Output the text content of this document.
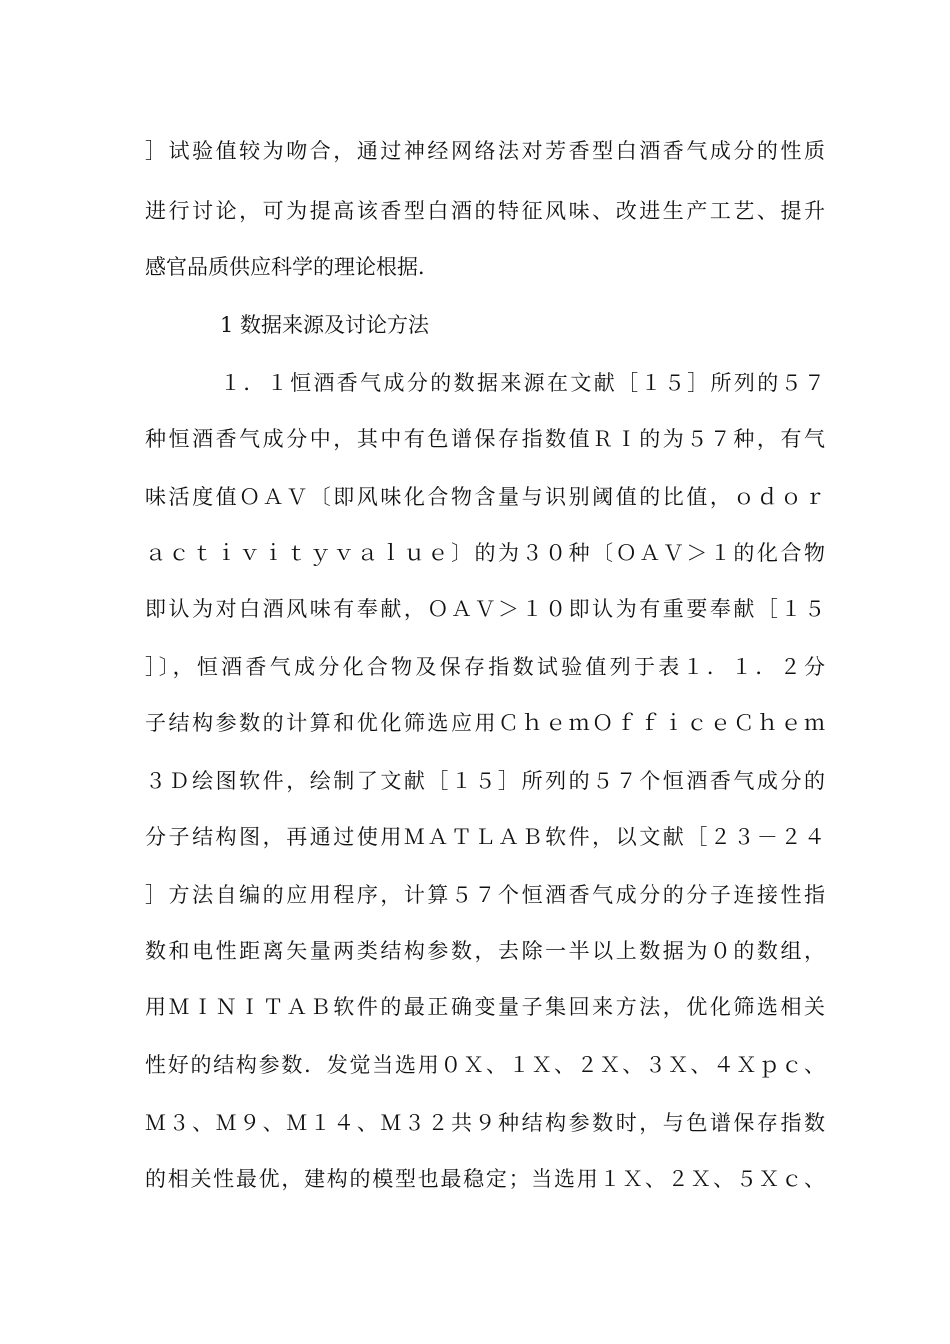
］试验值较为吻合，通过神经网络法对芳香型白酒香气成分的性质
进行讨论，可为提高该香型白酒的特征风味、改进生产工艺、提升
感官品质供应科学的理论根据．
1 数据来源及讨论方法
１．１恒酒香气成分的数据来源在文献［１５］所列的５７
种恒酒香气成分中，其中有色谱保存指数值ＲＩ的为５７种，有气
味活度值ＯＡＶ〔即风味化合物含量与识别阈值的比值，ｏｄｏｒ
ａｃｔｉｖｉｔｙｖａｌｕｅ〕的为３０种〔ＯＡＶ＞１的化合物
即认为对白酒风味有奉献，ＯＡＶ＞１０即认为有重要奉献［１５
］〕，恒酒香气成分化合物及保存指数试验值列于表１．１．２分
子结构参数的计算和优化筛选应用ＣｈｅｍＯｆｆｉｃｅＣｈｅｍ
３Ｄ绘图软件，绘制了文献［１５］所列的５７个恒酒香气成分的
分子结构图，再通过使用ＭＡＴＬＡＢ软件，以文献［２３－２４
］方法自编的应用程序，计算５７个恒酒香气成分的分子连接性指
数和电性距离矢量两类结构参数，去除一半以上数据为０的数组，
用ＭＩＮＩＴＡＢ软件的最正确变量子集回来方法，优化筛选相关
性好的结构参数．发觉当选用０Ｘ、１Ｘ、２Ｘ、３Ｘ、４Ｘｐｃ、
Ｍ３、Ｍ９、Ｍ１４、Ｍ３２共９种结构参数时，与色谱保存指数
的相关性最优，建构的模型也最稳定；当选用１Ｘ、２Ｘ、５Ｘｃ、
